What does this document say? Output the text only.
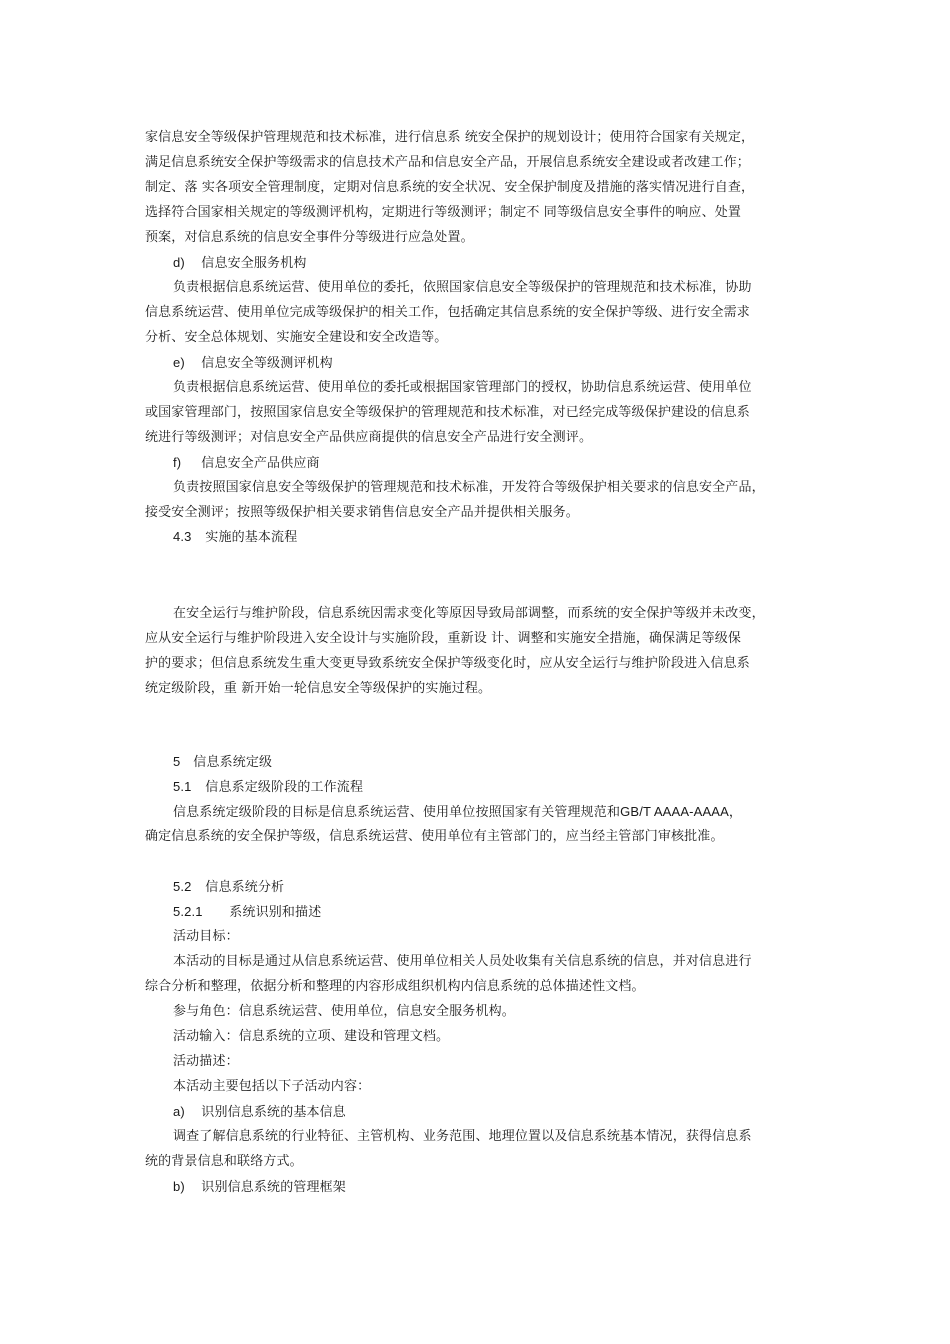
家信息安全等级保护管理规范和技术标准，进行信息系 统安全保护的规划设计；使用符合国家有关规定，
满足信息系统安全保护等级需求的信息技术产品和信息安全产品，开展信息系统安全建设或者改建工作；
制定、落 实各项安全管理制度，定期对信息系统的安全状况、安全保护制度及措施的落实情况进行自查，
选择符合国家相关规定的等级测评机构，定期进行等级测评；制定不 同等级信息安全事件的响应、处置
预案，对信息系统的信息安全事件分等级进行应急处置。
d) 信息安全服务机构
负责根据信息系统运营、使用单位的委托，依照国家信息安全等级保护的管理规范和技术标准，协助
信息系统运营、使用单位完成等级保护的相关工作，包括确定其信息系统的安全保护等级、进行安全需求
分析、安全总体规划、实施安全建设和安全改造等。
e) 信息安全等级测评机构
负责根据信息系统运营、使用单位的委托或根据国家管理部门的授权，协助信息系统运营、使用单位
或国家管理部门，按照国家信息安全等级保护的管理规范和技术标准，对已经完成等级保护建设的信息系
统进行等级测评；对信息安全产品供应商提供的信息安全产品进行安全测评。
f) 信息安全产品供应商
负责按照国家信息安全等级保护的管理规范和技术标准，开发符合等级保护相关要求的信息安全产品，
接受安全测评；按照等级保护相关要求销售信息安全产品并提供相关服务。
4.3 实施的基本流程
在安全运行与维护阶段，信息系统因需求变化等原因导致局部调整，而系统的安全保护等级并未改变，
应从安全运行与维护阶段进入安全设计与实施阶段，重新设 计、调整和实施安全措施，确保满足等级保
护的要求；但信息系统发生重大变更导致系统安全保护等级变化时，应从安全运行与维护阶段进入信息系
统定级阶段，重 新开始一轮信息安全等级保护的实施过程。
5 信息系统定级
5.1 信息系定级阶段的工作流程
信息系统定级阶段的目标是信息系统运营、使用单位按照国家有关管理规范和GB/T AAAA-AAAA，
确定信息系统的安全保护等级，信息系统运营、使用单位有主管部门的，应当经主管部门审核批准。
5.2 信息系统分析
5.2.1 系统识别和描述
活动目标：
本活动的目标是通过从信息系统运营、使用单位相关人员处收集有关信息系统的信息，并对信息进行
综合分析和整理，依据分析和整理的内容形成组织机构内信息系统的总体描述性文档。
参与角色：信息系统运营、使用单位，信息安全服务机构。
活动输入：信息系统的立项、建设和管理文档。
活动描述：
本活动主要包括以下子活动内容：
a) 识别信息系统的基本信息
调查了解信息系统的行业特征、主管机构、业务范围、地理位置以及信息系统基本情况，获得信息系
统的背景信息和联络方式。
b) 识别信息系统的管理框架
